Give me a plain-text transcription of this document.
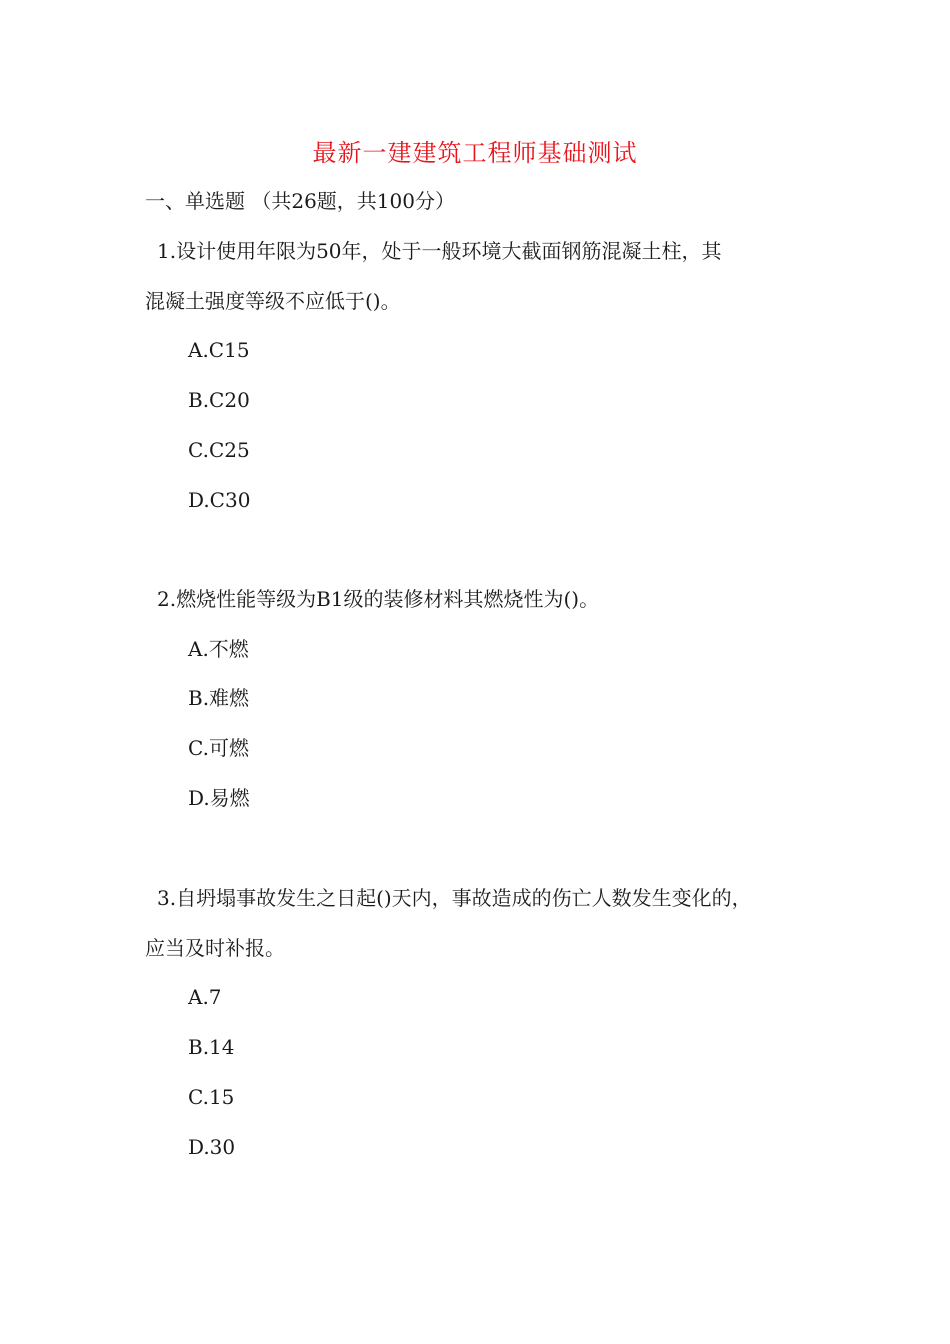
最新一建建筑工程师基础测试
一、单选题 （共26题，共100分）
1.设计使用年限为50年，处于一般环境大截面钢筋混凝土柱，其
混凝土强度等级不应低于()。
A.C15
B.C20
C.C25
D.C30
2.燃烧性能等级为B1级的装修材料其燃烧性为()。
A.不燃
B.难燃
C.可燃
D.易燃
3.自坍塌事故发生之日起()天内，事故造成的伤亡人数发生变化的，
应当及时补报。
A.7
B.14
C.15
D.30
